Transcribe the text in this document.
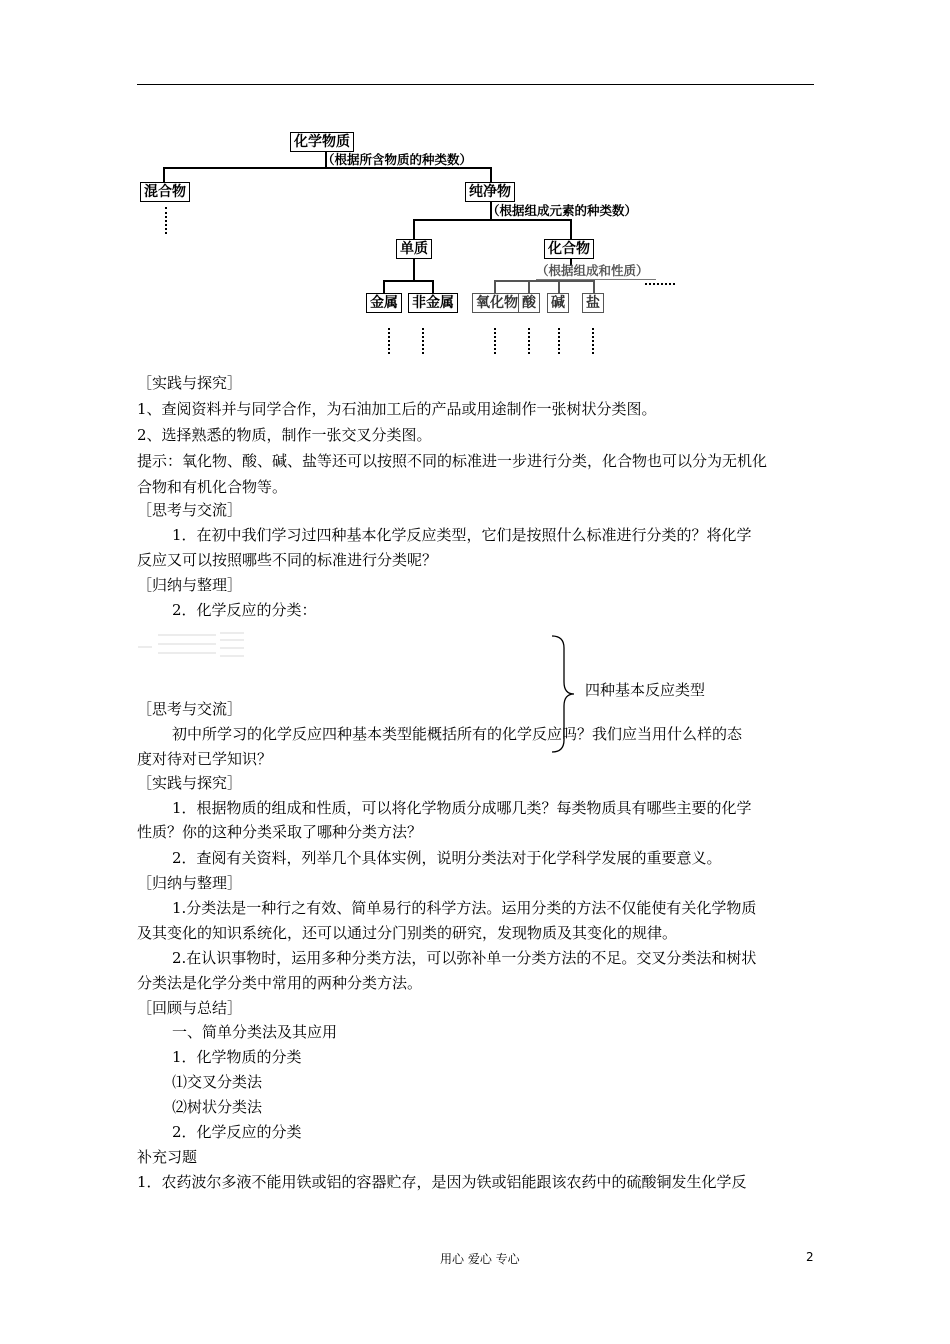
化学物质
（根据所含物质的种类数）
混合物	纯净物
（根据组成元素的种类数）
单质	化合物
（根据组成和性质）
金属 非金属 氧化物 酸 碱 盐
［实践与探究］
1、查阅资料并与同学合作，为石油加工后的产品或用途制作一张树状分类图。
2、选择熟悉的物质，制作一张交叉分类图。
提示：氧化物、酸、碱、盐等还可以按照不同的标准进一步进行分类，化合物也可以分为无机化
合物和有机化合物等。
［思考与交流］
1．在初中我们学习过四种基本化学反应类型，它们是按照什么标准进行分类的？将化学
反应又可以按照哪些不同的标准进行分类呢？
［归纳与整理］
2．化学反应的分类：
四种基本反应类型
［思考与交流］
初中所学习的化学反应四种基本类型能概括所有的化学反应吗？我们应当用什么样的态
度对待对已学知识？
［实践与探究］
1．根据物质的组成和性质，可以将化学物质分成哪几类？每类物质具有哪些主要的化学
性质？你的这种分类采取了哪种分类方法？
2．查阅有关资料，列举几个具体实例，说明分类法对于化学科学发展的重要意义。
［归纳与整理］
1.分类法是一种行之有效、简单易行的科学方法。运用分类的方法不仅能使有关化学物质
及其变化的知识系统化，还可以通过分门别类的研究，发现物质及其变化的规律。
2.在认识事物时，运用多种分类方法，可以弥补单一分类方法的不足。交叉分类法和树状
分类法是化学分类中常用的两种分类方法。
［回顾与总结］
一、简单分类法及其应用
1．化学物质的分类
⑴交叉分类法
⑵树状分类法
2．化学反应的分类
补充习题
1．农药波尔多液不能用铁或铝的容器贮存，是因为铁或铝能跟该农药中的硫酸铜发生化学反
用心 爱心 专心	2
